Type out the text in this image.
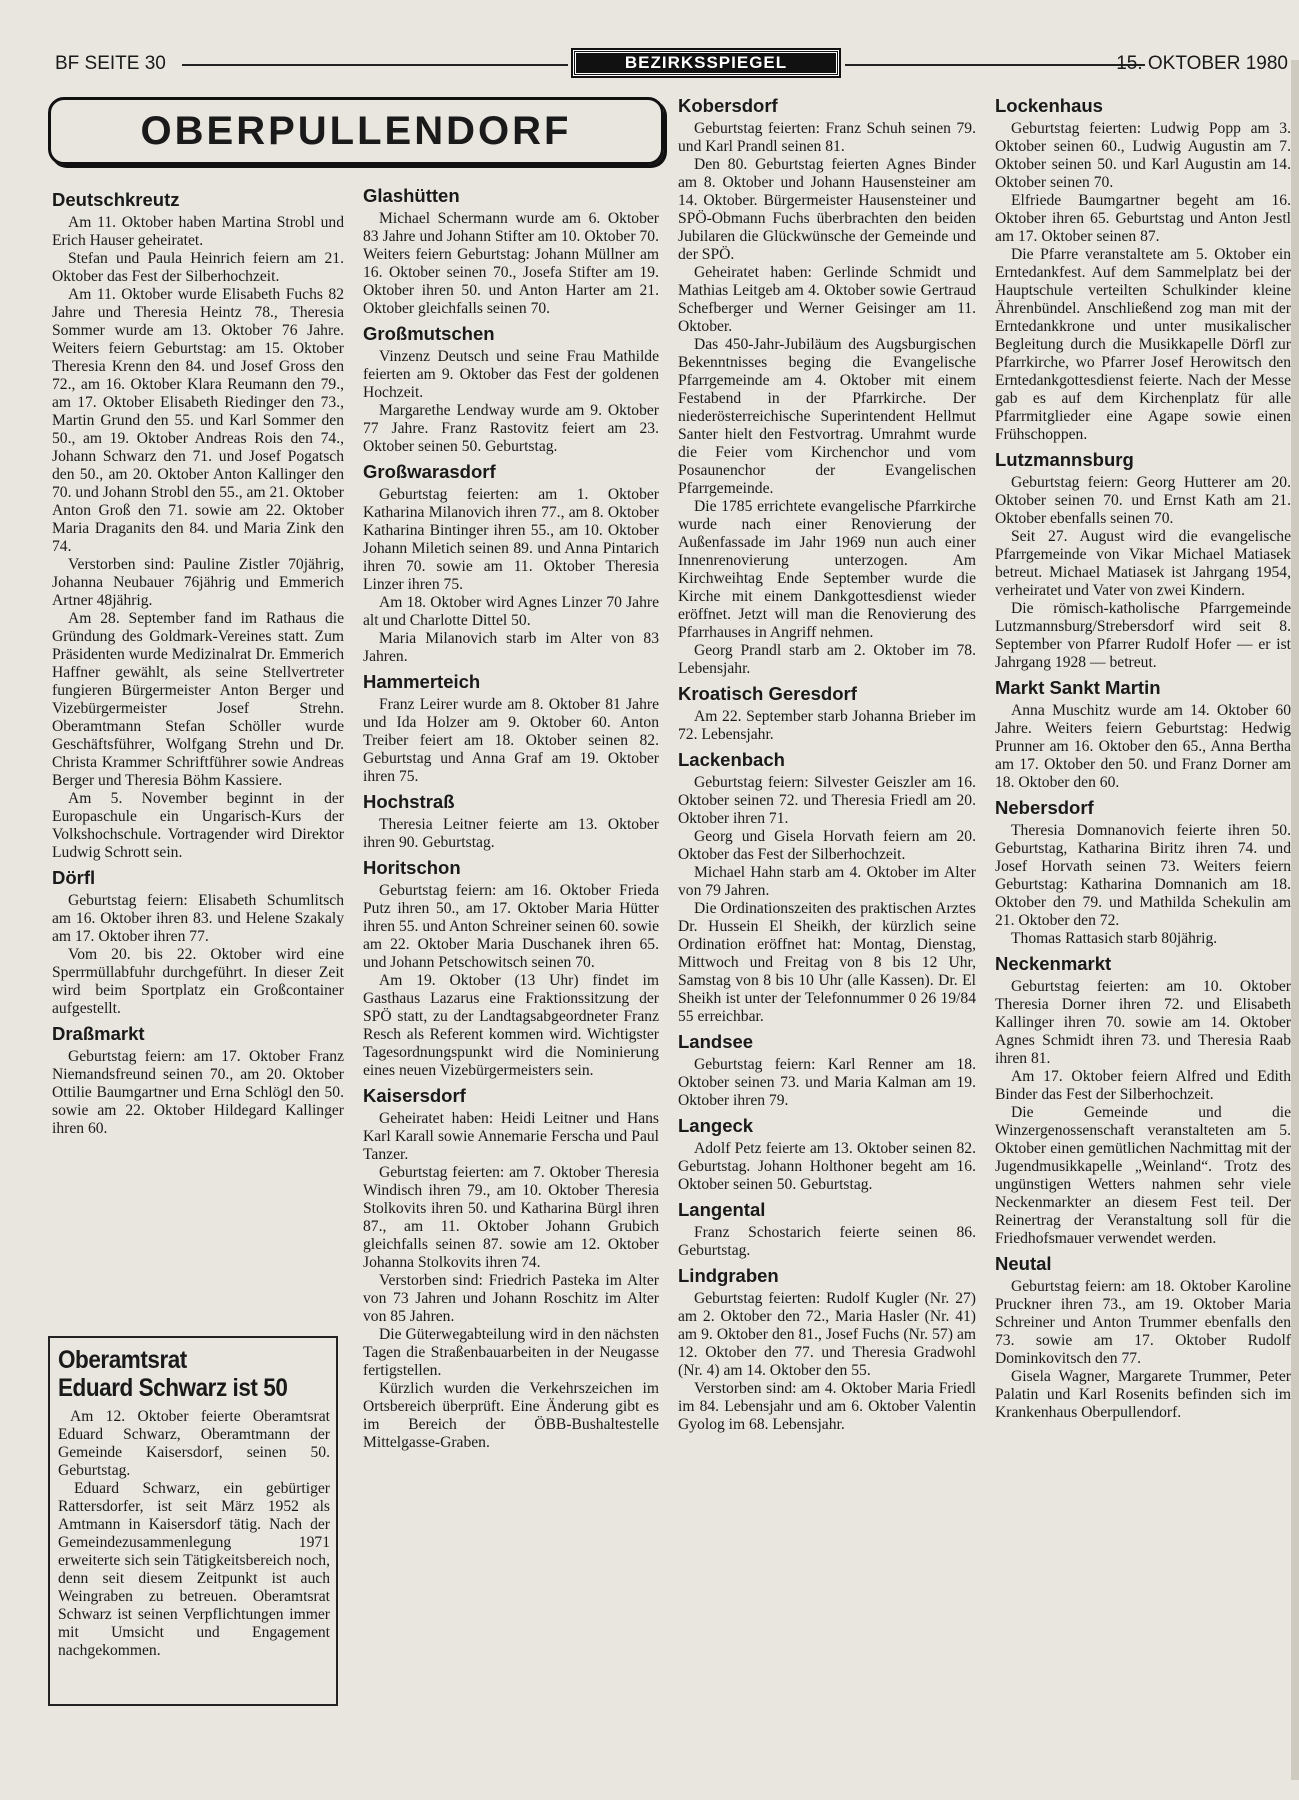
BF SEITE 30	BEZIRKSSPIEGEL	15. OKTOBER 1980
OBERPULLENDORF
Deutschkreutz

Am 11. Oktober haben Martina Strobl und Erich Hauser geheiratet.

Stefan und Paula Heinrich feiern am 21. Oktober das Fest der Silberhochzeit.

Am 11. Oktober wurde Elisabeth Fuchs 82 Jahre und Theresia Heintz 78., Theresia Sommer wurde am 13. Oktober 76 Jahre. Weiters feiern Geburtstag: am 15. Oktober Theresia Krenn den 84. und Josef Gross den 72., am 16. Oktober Klara Reumann den 79., am 17. Oktober Elisabeth Riedinger den 73., Martin Grund den 55. und Karl Sommer den 50., am 19. Oktober Andreas Rois den 74., Johann Schwarz den 71. und Josef Pogatsch den 50., am 20. Oktober Anton Kallinger den 70. und Johann Strobl den 55., am 21. Oktober Anton Groß den 71. sowie am 22. Oktober Maria Draganits den 84. und Maria Zink den 74.

Verstorben sind: Pauline Zistler 70jährig, Johanna Neubauer 76jährig und Emmerich Artner 48jährig.

Am 28. September fand im Rathaus die Gründung des Goldmark-Vereines statt. Zum Präsidenten wurde Medizinalrat Dr. Emmerich Haffner gewählt, als seine Stellvertreter fungieren Bürgermeister Anton Berger und Vizebürgermeister Josef Strehn. Oberamtmann Stefan Schöller wurde Geschäftsführer, Wolfgang Strehn und Dr. Christa Krammer Schriftführer sowie Andreas Berger und Theresia Böhm Kassiere.

Am 5. November beginnt in der Europaschule ein Ungarisch-Kurs der Volkshochschule. Vortragender wird Direktor Ludwig Schrott sein.

Dörfl

Geburtstag feiern: Elisabeth Schumlitsch am 16. Oktober ihren 83. und Helene Szakaly am 17. Oktober ihren 77.

Vom 20. bis 22. Oktober wird eine Sperrmüllabfuhr durchgeführt. In dieser Zeit wird beim Sportplatz ein Großcontainer aufgestellt.

Draßmarkt

Geburtstag feiern: am 17. Oktober Franz Niemandsfreund seinen 70., am 20. Oktober Ottilie Baumgartner und Erna Schlögl den 50. sowie am 22. Oktober Hildegard Kallinger ihren 60.

Glashütten

Michael Schermann wurde am 6. Oktober 83 Jahre und Johann Stifter am 10. Oktober 70. Weiters feiern Geburtstag: Johann Müllner am 16. Oktober seinen 70., Josefa Stifter am 19. Oktober ihren 50. und Anton Harter am 21. Oktober gleichfalls seinen 70.

Großmutschen

Vinzenz Deutsch und seine Frau Mathilde feierten am 9. Oktober das Fest der goldenen Hochzeit.

Margarethe Lendway wurde am 9. Oktober 77 Jahre. Franz Rastovitz feiert am 23. Oktober seinen 50. Geburtstag.

Großwarasdorf

Geburtstag feierten: am 1. Oktober Katharina Milanovich ihren 77., am 8. Oktober Katharina Bintinger ihren 55., am 10. Oktober Johann Miletich seinen 89. und Anna Pintarich ihren 70. sowie am 11. Oktober Theresia Linzer ihren 75.

Am 18. Oktober wird Agnes Linzer 70 Jahre alt und Charlotte Dittel 50.

Maria Milanovich starb im Alter von 83 Jahren.

Hammerteich

Franz Leirer wurde am 8. Oktober 81 Jahre und Ida Holzer am 9. Oktober 60. Anton Treiber feiert am 18. Oktober seinen 82. Geburtstag und Anna Graf am 19. Oktober ihren 75.

Hochstraß

Theresia Leitner feierte am 13. Oktober ihren 90. Geburtstag.

Horitschon

Geburtstag feiern: am 16. Oktober Frieda Putz ihren 50., am 17. Oktober Maria Hütter ihren 55. und Anton Schreiner seinen 60. sowie am 22. Oktober Maria Duschanek ihren 65. und Johann Petschowitsch seinen 70.

Am 19. Oktober (13 Uhr) findet im Gasthaus Lazarus eine Fraktionssitzung der SPÖ statt, zu der Landtagsabgeordneter Franz Resch als Referent kommen wird. Wichtigster Tagesordnungspunkt wird die Nominierung eines neuen Vizebürgermeisters sein.

Kaisersdorf

Geheiratet haben: Heidi Leitner und Hans Karl Karall sowie Annemarie Ferscha und Paul Tanzer.

Geburtstag feierten: am 7. Oktober Theresia Windisch ihren 79., am 10. Oktober Theresia Stolkovits ihren 50. und Katharina Bürgl ihren 87., am 11. Oktober Johann Grubich gleichfalls seinen 87. sowie am 12. Oktober Johanna Stolkovits ihren 74.

Verstorben sind: Friedrich Pasteka im Alter von 73 Jahren und Johann Roschitz im Alter von 85 Jahren.

Die Güterwegabteilung wird in den nächsten Tagen die Straßenbauarbeiten in der Neugasse fertigstellen.

Kürzlich wurden die Verkehrszeichen im Ortsbereich überprüft. Eine Änderung gibt es im Bereich der ÖBB-Bushaltestelle Mittelgasse-Graben.

Kobersdorf

Geburtstag feierten: Franz Schuh seinen 79. und Karl Prandl seinen 81.

Den 80. Geburtstag feierten Agnes Binder am 8. Oktober und Johann Hausensteiner am 14. Oktober. Bürgermeister Hausensteiner und SPÖ-Obmann Fuchs überbrachten den beiden Jubilaren die Glückwünsche der Gemeinde und der SPÖ.

Geheiratet haben: Gerlinde Schmidt und Mathias Leitgeb am 4. Oktober sowie Gertraud Schefberger und Werner Geisinger am 11. Oktober.

Das 450-Jahr-Jubiläum des Augsburgischen Bekenntnisses beging die Evangelische Pfarrgemeinde am 4. Oktober mit einem Festabend in der Pfarrkirche. Der niederösterreichische Superintendent Hellmut Santer hielt den Festvortrag. Umrahmt wurde die Feier vom Kirchenchor und vom Posaunenchor der Evangelischen Pfarrgemeinde.

Die 1785 errichtete evangelische Pfarrkirche wurde nach einer Renovierung der Außenfassade im Jahr 1969 nun auch einer Innenrenovierung unterzogen. Am Kirchweihtag Ende September wurde die Kirche mit einem Dankgottesdienst wieder eröffnet. Jetzt will man die Renovierung des Pfarrhauses in Angriff nehmen.

Georg Prandl starb am 2. Oktober im 78. Lebensjahr.

Kroatisch Geresdorf

Am 22. September starb Johanna Brieber im 72. Lebensjahr.

Lackenbach

Geburtstag feiern: Silvester Geiszler am 16. Oktober seinen 72. und Theresia Friedl am 20. Oktober ihren 71.

Georg und Gisela Horvath feiern am 20. Oktober das Fest der Silberhochzeit.

Michael Hahn starb am 4. Oktober im Alter von 79 Jahren.

Die Ordinationszeiten des praktischen Arztes Dr. Hussein El Sheikh, der kürzlich seine Ordination eröffnet hat: Montag, Dienstag, Mittwoch und Freitag von 8 bis 12 Uhr, Samstag von 8 bis 10 Uhr (alle Kassen). Dr. El Sheikh ist unter der Telefonnummer 0 26 19/84 55 erreichbar.

Landsee

Geburtstag feiern: Karl Renner am 18. Oktober seinen 73. und Maria Kalman am 19. Oktober ihren 79.

Langeck

Adolf Petz feierte am 13. Oktober seinen 82. Geburtstag. Johann Holthoner begeht am 16. Oktober seinen 50. Geburtstag.

Langental

Franz Schostarich feierte seinen 86. Geburtstag.

Lindgraben

Geburtstag feierten: Rudolf Kugler (Nr. 27) am 2. Oktober den 72., Maria Hasler (Nr. 41) am 9. Oktober den 81., Josef Fuchs (Nr. 57) am 12. Oktober den 77. und Theresia Gradwohl (Nr. 4) am 14. Oktober den 55.

Verstorben sind: am 4. Oktober Maria Friedl im 84. Lebensjahr und am 6. Oktober Valentin Gyolog im 68. Lebensjahr.

Lockenhaus

Geburtstag feierten: Ludwig Popp am 3. Oktober seinen 60., Ludwig Augustin am 7. Oktober seinen 50. und Karl Augustin am 14. Oktober seinen 70.

Elfriede Baumgartner begeht am 16. Oktober ihren 65. Geburtstag und Anton Jestl am 17. Oktober seinen 87.

Die Pfarre veranstaltete am 5. Oktober ein Erntedankfest. Auf dem Sammelplatz bei der Hauptschule verteilten Schulkinder kleine Ährenbündel. Anschließend zog man mit der Erntedankkrone und unter musikalischer Begleitung durch die Musikkapelle Dörfl zur Pfarrkirche, wo Pfarrer Josef Herowitsch den Erntedankgottesdienst feierte. Nach der Messe gab es auf dem Kirchenplatz für alle Pfarrmitglieder eine Agape sowie einen Frühschoppen.

Lutzmannsburg

Geburtstag feiern: Georg Hutterer am 20. Oktober seinen 70. und Ernst Kath am 21. Oktober ebenfalls seinen 70.

Seit 27. August wird die evangelische Pfarrgemeinde von Vikar Michael Matiasek betreut. Michael Matiasek ist Jahrgang 1954, verheiratet und Vater von zwei Kindern.

Die römisch-katholische Pfarrgemeinde Lutzmannsburg/Strebersdorf wird seit 8. September von Pfarrer Rudolf Hofer — er ist Jahrgang 1928 — betreut.

Markt Sankt Martin

Anna Muschitz wurde am 14. Oktober 60 Jahre. Weiters feiern Geburtstag: Hedwig Prunner am 16. Oktober den 65., Anna Bertha am 17. Oktober den 50. und Franz Dorner am 18. Oktober den 60.

Nebersdorf

Theresia Domnanovich feierte ihren 50. Geburtstag, Katharina Biritz ihren 74. und Josef Horvath seinen 73. Weiters feiern Geburtstag: Katharina Domnanich am 18. Oktober den 79. und Mathilda Schekulin am 21. Oktober den 72.

Thomas Rattasich starb 80jährig.

Neckenmarkt

Geburtstag feierten: am 10. Oktober Theresia Dorner ihren 72. und Elisabeth Kallinger ihren 70. sowie am 14. Oktober Agnes Schmidt ihren 73. und Theresia Raab ihren 81.

Am 17. Oktober feiern Alfred und Edith Binder das Fest der Silberhochzeit.

Die Gemeinde und die Winzergenossenschaft veranstalteten am 5. Oktober einen gemütlichen Nachmittag mit der Jugendmusikkapelle „Weinland“. Trotz des ungünstigen Wetters nahmen sehr viele Neckenmarkter an diesem Fest teil. Der Reinertrag der Veranstaltung soll für die Friedhofsmauer verwendet werden.

Neutal

Geburtstag feiern: am 18. Oktober Karoline Pruckner ihren 73., am 19. Oktober Maria Schreiner und Anton Trummer ebenfalls den 73. sowie am 17. Oktober Rudolf Dominkovitsch den 77.

Gisela Wagner, Margarete Trummer, Peter Palatin und Karl Rosenits befinden sich im Krankenhaus Oberpullendorf.

Oberamtsrat
Eduard Schwarz ist 50

Am 12. Oktober feierte Oberamtsrat Eduard Schwarz, Oberamtmann der Gemeinde Kaisersdorf, seinen 50. Geburtstag.

Eduard Schwarz, ein gebürtiger Rattersdorfer, ist seit März 1952 als Amtmann in Kaisersdorf tätig. Nach der Gemeindezusammenlegung 1971 erweiterte sich sein Tätigkeitsbereich noch, denn seit diesem Zeitpunkt ist auch Weingraben zu betreuen. Oberamtsrat Schwarz ist seinen Verpflichtungen immer mit Umsicht und Engagement nachgekommen.
